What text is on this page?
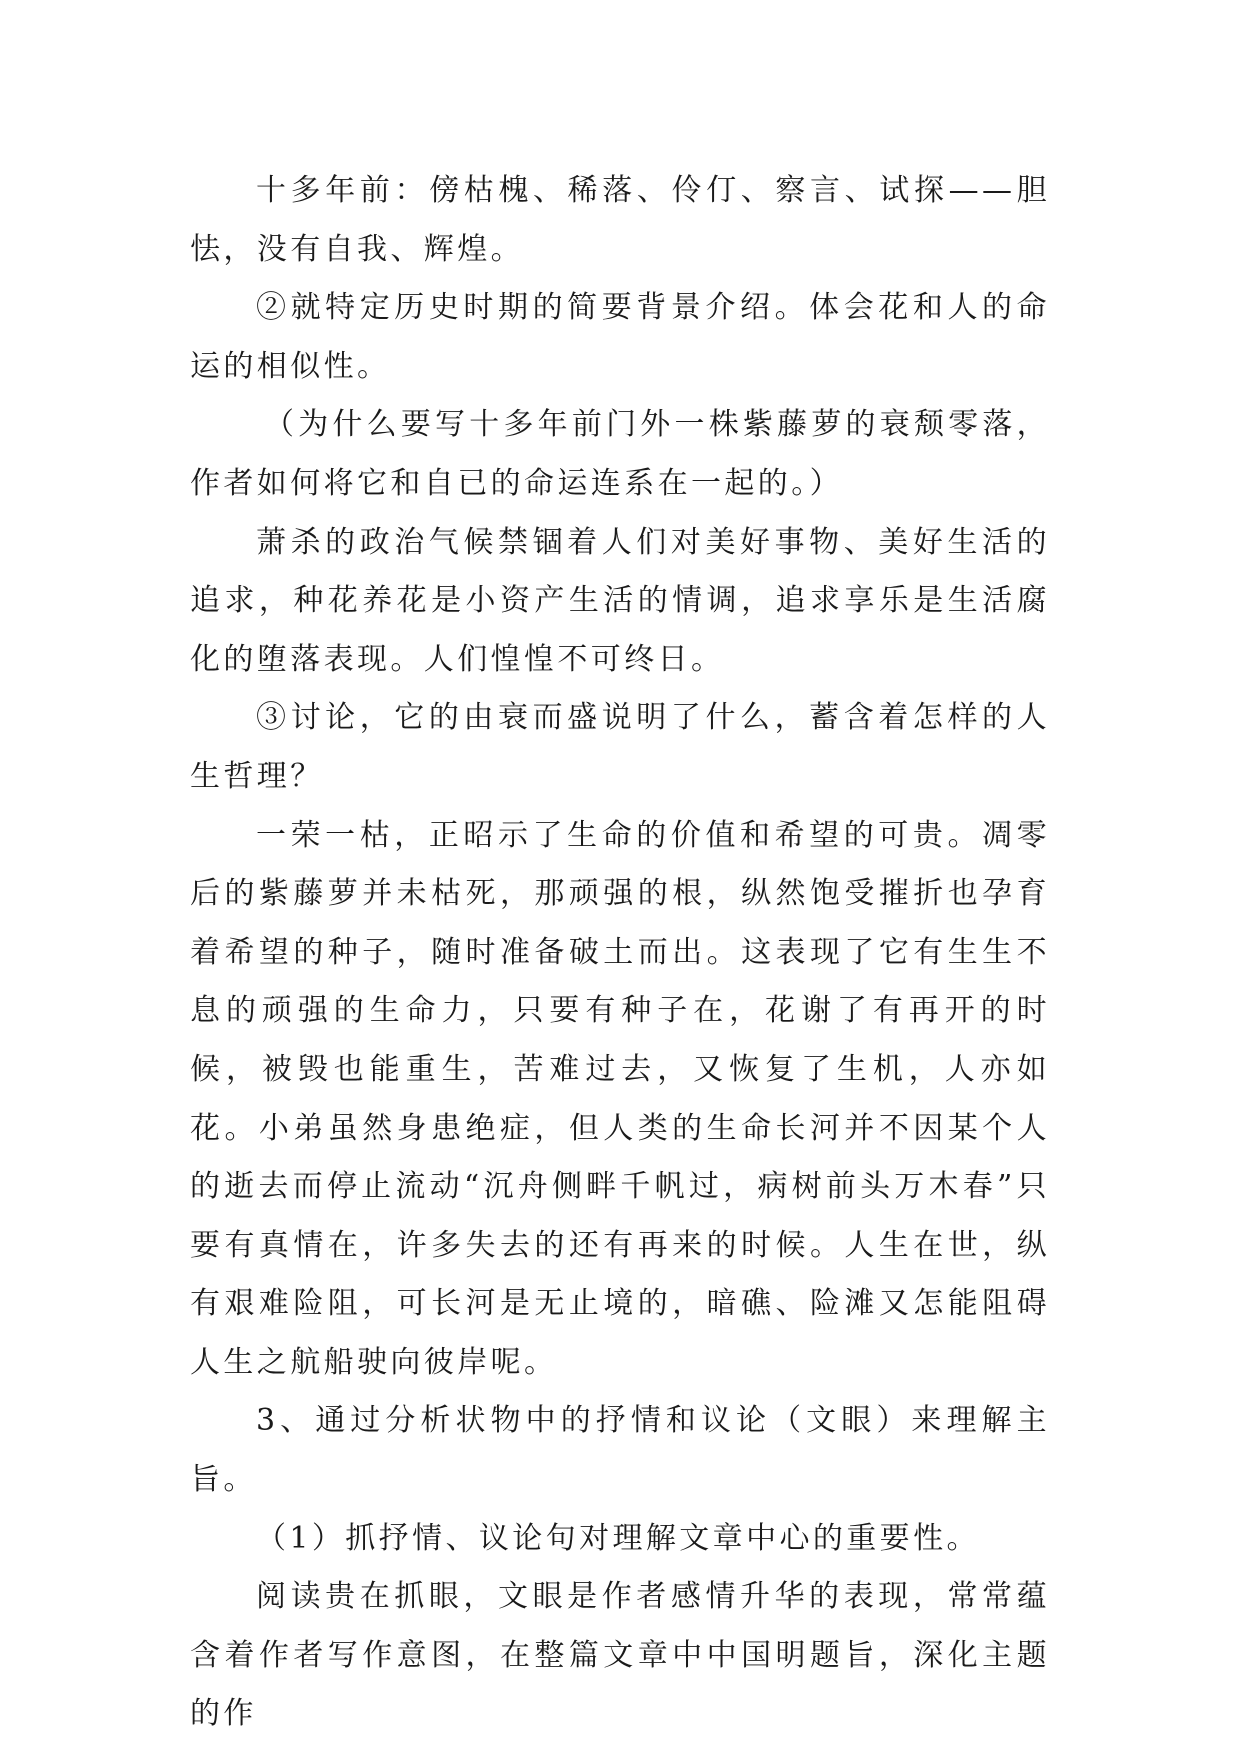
十多年前：傍枯槐、稀落、伶仃、察言、试探——胆怯，没有自我、辉煌。

②就特定历史时期的简要背景介绍。体会花和人的命运的相似性。

（为什么要写十多年前门外一株紫藤萝的衰颓零落，作者如何将它和自已的命运连系在一起的。）

萧杀的政治气候禁锢着人们对美好事物、美好生活的追求，种花养花是小资产生活的情调，追求享乐是生活腐化的堕落表现。人们惶惶不可终日。

③讨论，它的由衰而盛说明了什么，蓄含着怎样的人生哲理？

一荣一枯，正昭示了生命的价值和希望的可贵。凋零后的紫藤萝并未枯死，那顽强的根，纵然饱受摧折也孕育着希望的种子，随时准备破土而出。这表现了它有生生不息的顽强的生命力，只要有种子在，花谢了有再开的时候，被毁也能重生，苦难过去，又恢复了生机，人亦如花。小弟虽然身患绝症，但人类的生命长河并不因某个人的逝去而停止流动“沉舟侧畔千帆过，病树前头万木春”只要有真情在，许多失去的还有再来的时候。人生在世，纵有艰难险阻，可长河是无止境的，暗礁、险滩又怎能阻碍人生之航船驶向彼岸呢。

3、通过分析状物中的抒情和议论（文眼）来理解主旨。

（1）抓抒情、议论句对理解文章中心的重要性。

阅读贵在抓眼，文眼是作者感情升华的表现，常常蕴含着作者写作意图，在整篇文章中中国明题旨，深化主题的作
